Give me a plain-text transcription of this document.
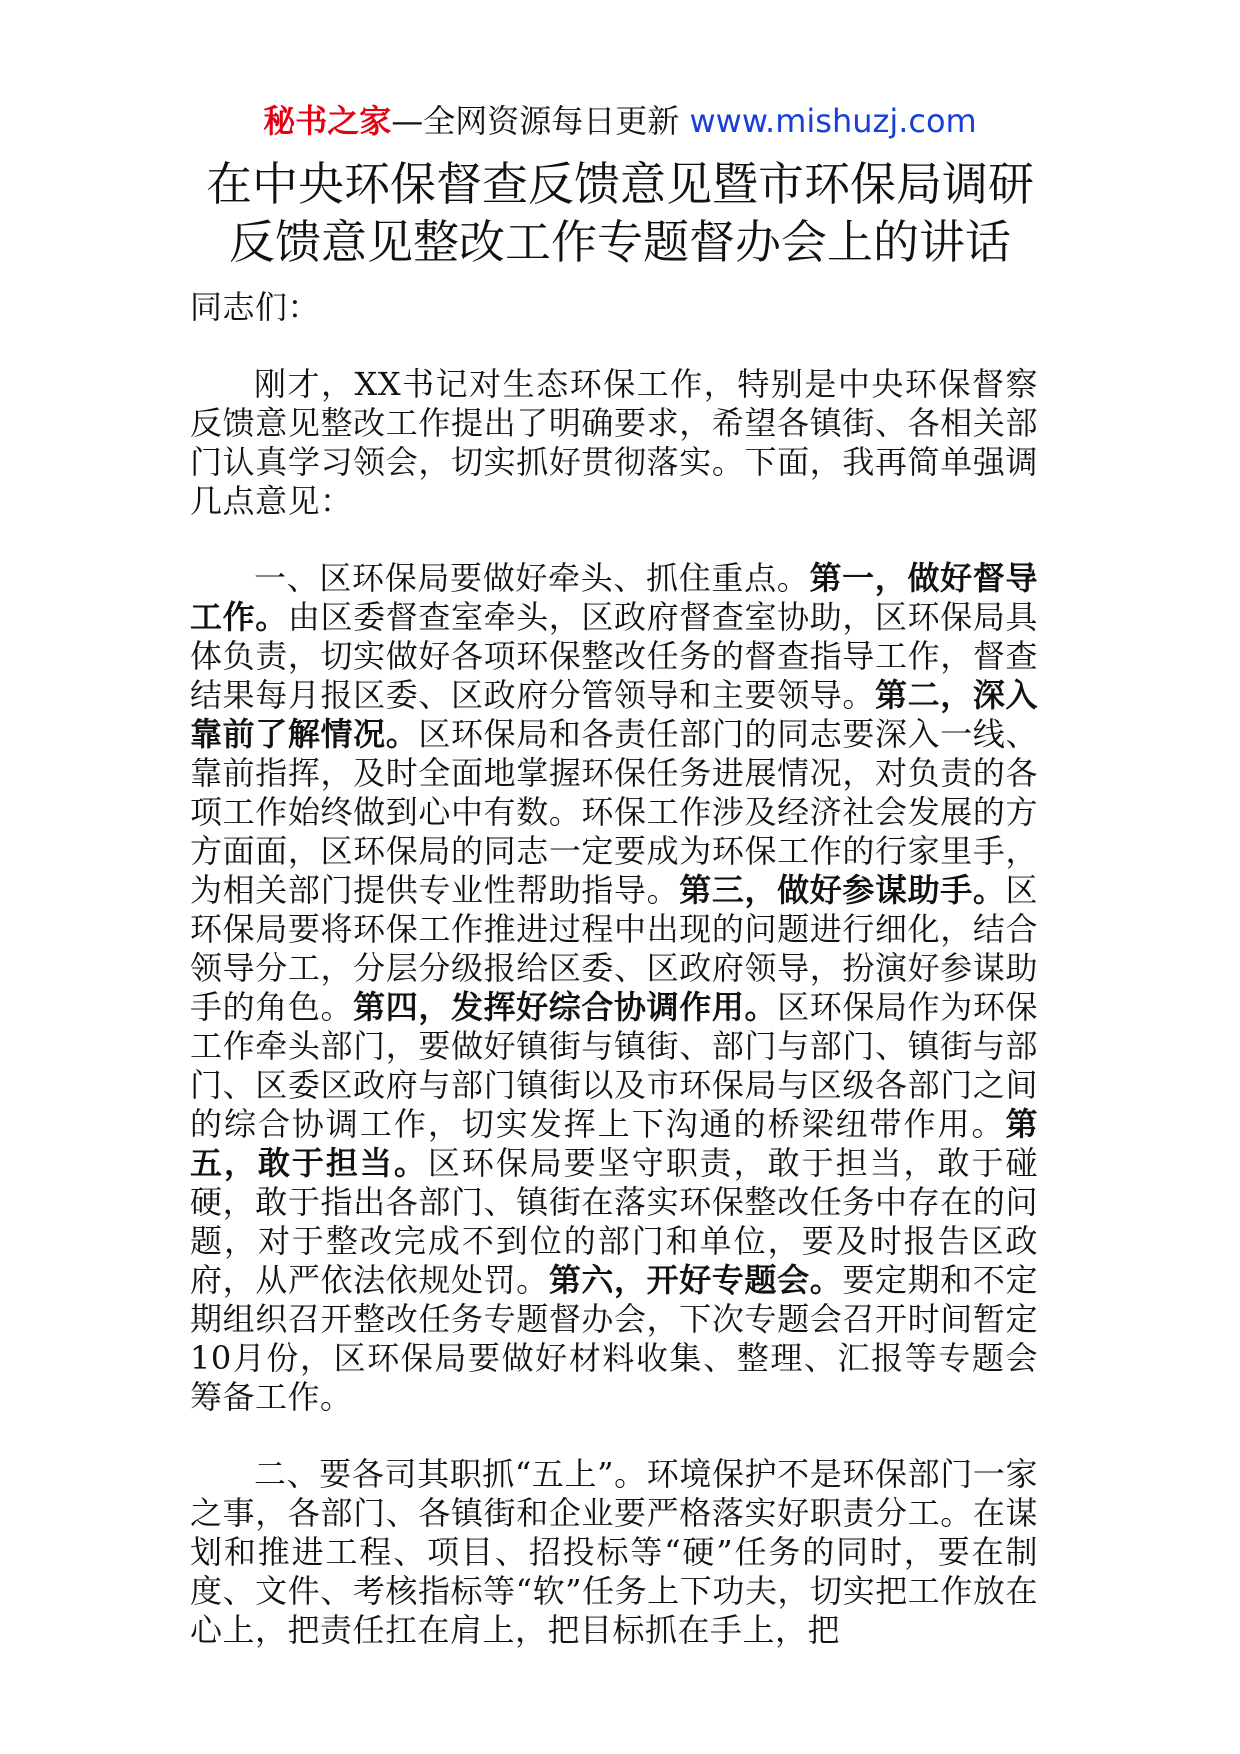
秘书之家—全网资源每日更新 www.mishuzj.com
在中央环保督查反馈意见暨市环保局调研
反馈意见整改工作专题督办会上的讲话

同志们：

刚才，XX书记对生态环保工作，特别是中央环保督察反馈意见整改工作提出了明确要求，希望各镇街、各相关部门认真学习领会，切实抓好贯彻落实。下面，我再简单强调几点意见：

一、区环保局要做好牵头、抓住重点。第一，做好督导工作。由区委督查室牵头，区政府督查室协助，区环保局具体负责，切实做好各项环保整改任务的督查指导工作，督查结果每月报区委、区政府分管领导和主要领导。第二，深入靠前了解情况。区环保局和各责任部门的同志要深入一线、靠前指挥，及时全面地掌握环保任务进展情况，对负责的各项工作始终做到心中有数。环保工作涉及经济社会发展的方方面面，区环保局的同志一定要成为环保工作的行家里手，为相关部门提供专业性帮助指导。第三，做好参谋助手。区环保局要将环保工作推进过程中出现的问题进行细化，结合领导分工，分层分级报给区委、区政府领导，扮演好参谋助手的角色。第四，发挥好综合协调作用。区环保局作为环保工作牵头部门，要做好镇街与镇街、部门与部门、镇街与部门、区委区政府与部门镇街以及市环保局与区级各部门之间的综合协调工作，切实发挥上下沟通的桥梁纽带作用。第五，敢于担当。区环保局要坚守职责，敢于担当，敢于碰硬，敢于指出各部门、镇街在落实环保整改任务中存在的问题，对于整改完成不到位的部门和单位，要及时报告区政府，从严依法依规处罚。第六，开好专题会。要定期和不定期组织召开整改任务专题督办会，下次专题会召开时间暂定10月份，区环保局要做好材料收集、整理、汇报等专题会筹备工作。

二、要各司其职抓“五上”。环境保护不是环保部门一家之事，各部门、各镇街和企业要严格落实好职责分工。在谋划和推进工程、项目、招投标等“硬”任务的同时，要在制度、文件、考核指标等“软”任务上下功夫，切实把工作放在心上，把责任扛在肩上，把目标抓在手上，把
